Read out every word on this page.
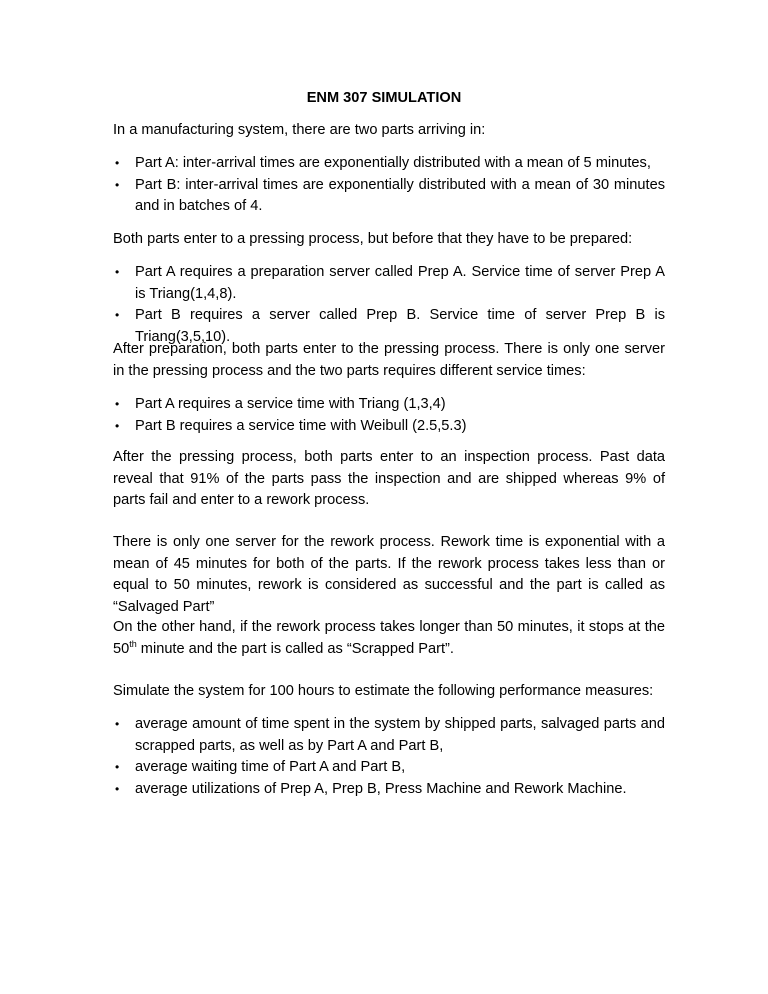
ENM 307 SIMULATION
In a manufacturing system, there are two parts arriving in:
• Part A: inter-arrival times are exponentially distributed with a mean of 5 minutes,
• Part B: inter-arrival times are exponentially distributed with a mean of 30 minutes and in batches of 4.
Both parts enter to a pressing process, but before that they have to be prepared:
• Part A requires a preparation server called Prep A. Service time of server Prep A is Triang(1,4,8).
• Part B requires a server called Prep B. Service time of server Prep B is Triang(3,5,10).
After preparation, both parts enter to the pressing process. There is only one server in the pressing process and the two parts requires different service times:
• Part A requires a service time with Triang (1,3,4)
• Part B requires a service time with Weibull (2.5,5.3)
After the pressing process, both parts enter to an inspection process. Past data reveal that 91% of the parts pass the inspection and are shipped whereas 9% of parts fail and enter to a rework process.
There is only one server for the rework process. Rework time is exponential with a mean of 45 minutes for both of the parts. If the rework process takes less than or equal to 50 minutes, rework is considered as successful and the part is called as “Salvaged Part”
On the other hand, if the rework process takes longer than 50 minutes, it stops at the 50th minute and the part is called as “Scrapped Part”.
Simulate the system for 100 hours to estimate the following performance measures:
• average amount of time spent in the system by shipped parts, salvaged parts and scrapped parts, as well as by Part A and Part B,
• average waiting time of Part A and Part B,
• average utilizations of Prep A, Prep B, Press Machine and Rework Machine.
